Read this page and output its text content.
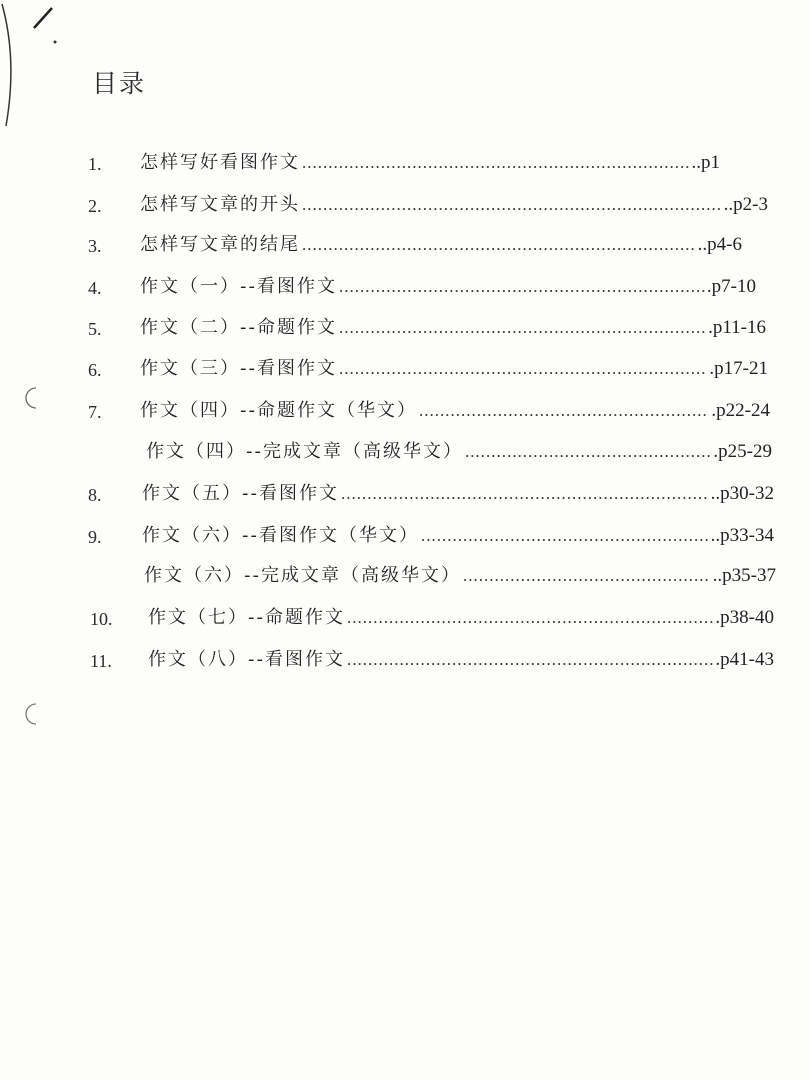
目录
1. 怎样写好看图作文 .....	..p1
2. 怎样写文章的开头 .....	..p2-3
3. 怎样写文章的结尾 .....	..p4-6
4. 作文（一）--看图作文 .....	.p7-10
5. 作文（二）--命题作文 .....	.p11-16
6. 作文（三）--看图作文 .....	.p17-21
7. 作文（四）--命题作文（华文） .....	.p22-24
作文（四）--完成文章（高级华文） .....	.p25-29
8. 作文（五）--看图作文 .....	..p30-32
9. 作文（六）--看图作文（华文） .....	..p33-34
作文（六）--完成文章（高级华文） .....	..p35-37
10. 作文（七）--命题作文 .....	.p38-40
11. 作文（八）--看图作文 .....	.p41-43
